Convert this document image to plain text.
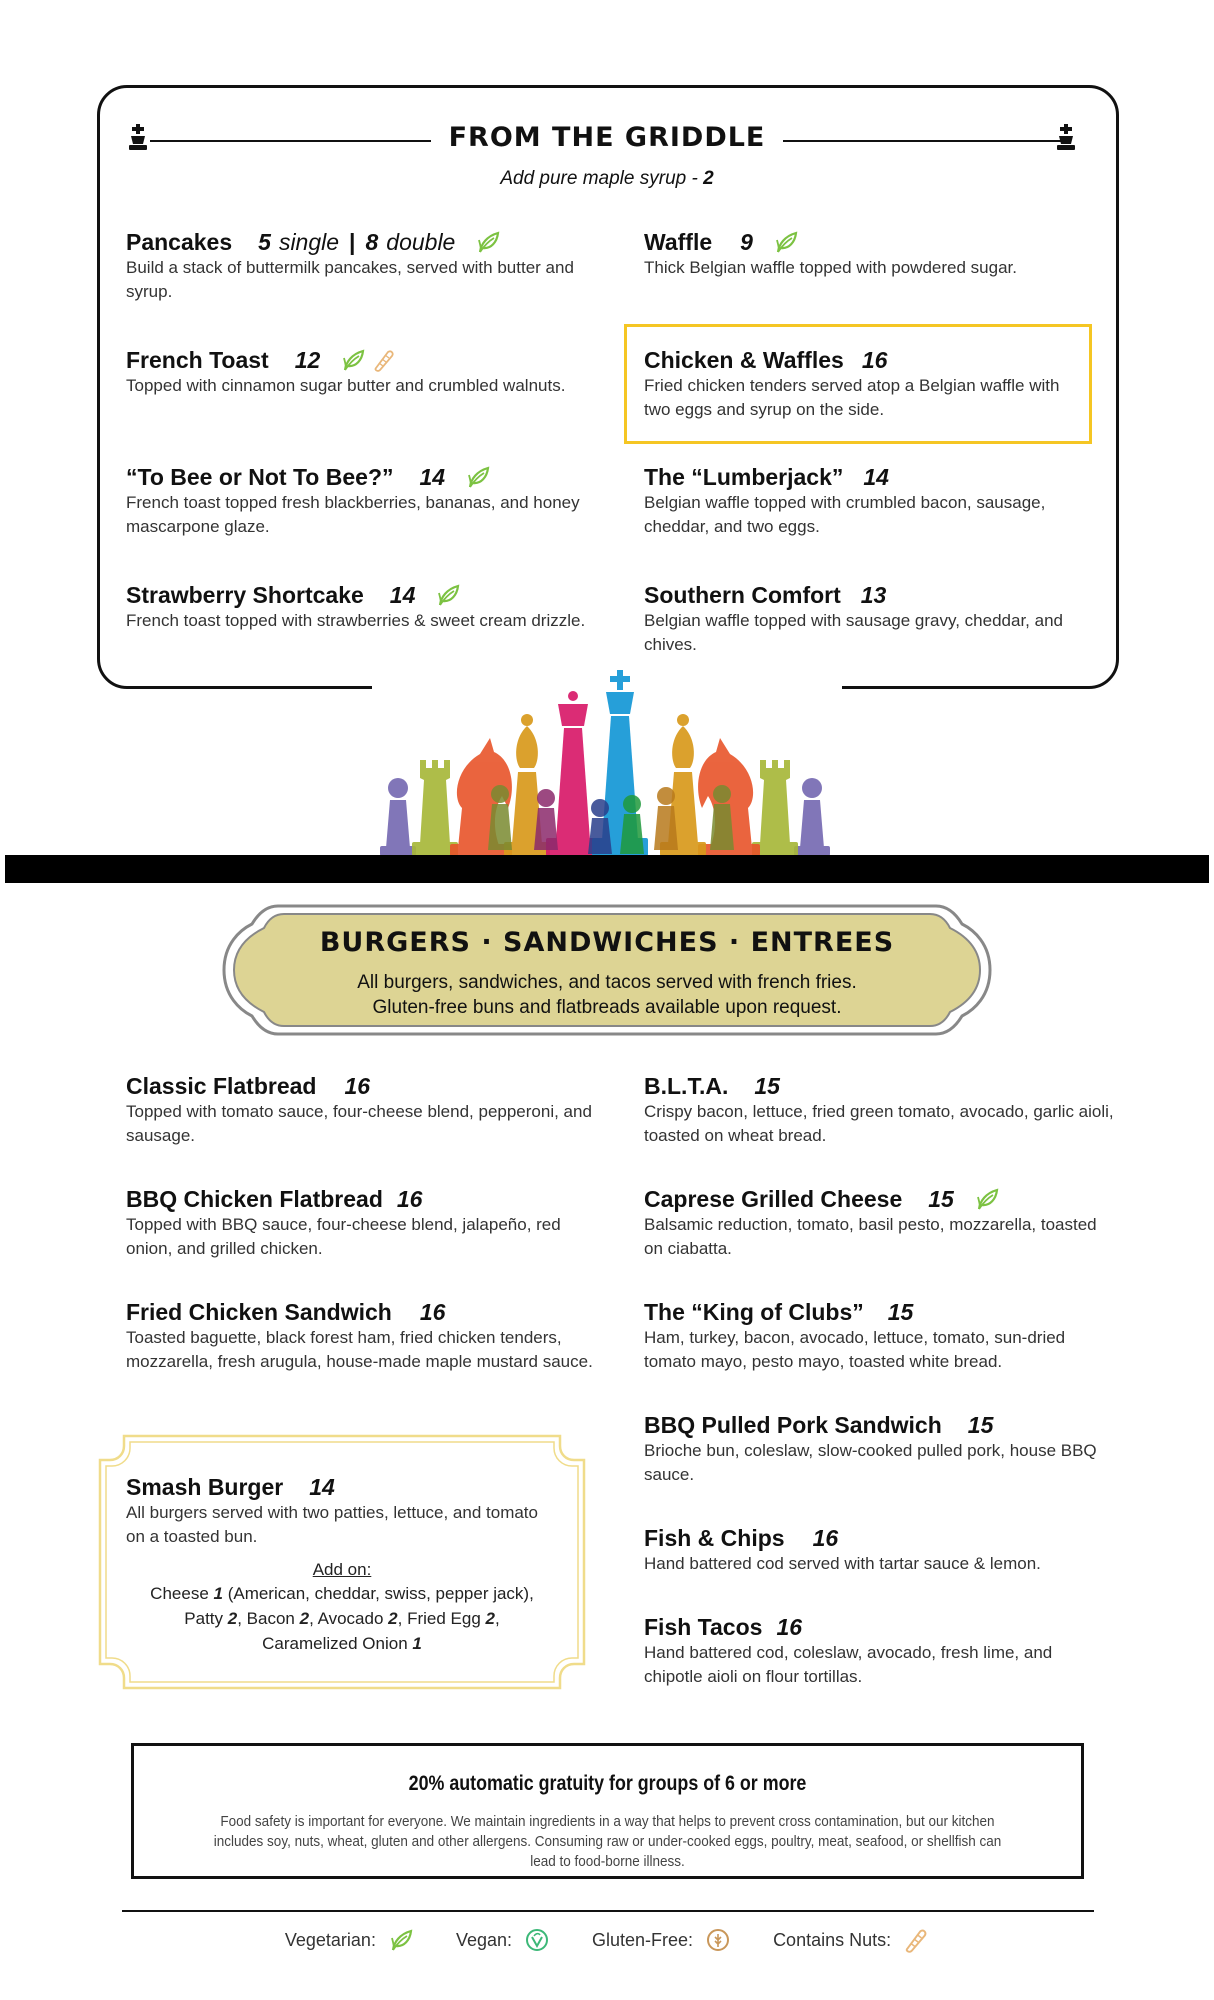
FROM THE GRIDDLE
Add pure maple syrup - 2
Pancakes 5 single | 8 double
Build a stack of buttermilk pancakes, served with butter and syrup.
Waffle 9
Thick Belgian waffle topped with powdered sugar.
French Toast 12
Topped with cinnamon sugar butter and crumbled walnuts.
Chicken & Waffles 16
Fried chicken tenders served atop a Belgian waffle with two eggs and syrup on the side.
“To Bee or Not To Bee?” 14
French toast topped fresh blackberries, bananas, and honey mascarpone glaze.
The “Lumberjack” 14
Belgian waffle topped with crumbled bacon, sausage, cheddar, and two eggs.
Strawberry Shortcake 14
French toast topped with strawberries & sweet cream drizzle.
Southern Comfort 13
Belgian waffle topped with sausage gravy, cheddar, and chives.
BURGERS · SANDWICHES · ENTREES
All burgers, sandwiches, and tacos served with french fries.
Gluten-free buns and flatbreads available upon request.
Classic Flatbread 16
Topped with tomato sauce, four-cheese blend, pepperoni, and sausage.
BBQ Chicken Flatbread 16
Topped with BBQ sauce, four-cheese blend, jalapeño, red onion, and grilled chicken.
Fried Chicken Sandwich 16
Toasted baguette, black forest ham, fried chicken tenders, mozzarella, fresh arugula, house-made maple mustard sauce.
Smash Burger 14
All burgers served with two patties, lettuce, and tomato on a toasted bun.
Add on:
Cheese 1 (American, cheddar, swiss, pepper jack),
Patty 2, Bacon 2, Avocado 2, Fried Egg 2,
Caramelized Onion 1
B.L.T.A. 15
Crispy bacon, lettuce, fried green tomato, avocado, garlic aioli, toasted on wheat bread.
Caprese Grilled Cheese 15
Balsamic reduction, tomato, basil pesto, mozzarella, toasted on ciabatta.
The “King of Clubs” 15
Ham, turkey, bacon, avocado, lettuce, tomato, sun-dried tomato mayo, pesto mayo, toasted white bread.
BBQ Pulled Pork Sandwich 15
Brioche bun, coleslaw, slow-cooked pulled pork, house BBQ sauce.
Fish & Chips 16
Hand battered cod served with tartar sauce & lemon.
Fish Tacos 16
Hand battered cod, coleslaw, avocado, fresh lime, and chipotle aioli on flour tortillas.
20% automatic gratuity for groups of 6 or more
Food safety is important for everyone. We maintain ingredients in a way that helps to prevent cross contamination, but our kitchen includes soy, nuts, wheat, gluten and other allergens. Consuming raw or under-cooked eggs, poultry, meat, seafood, or shellfish can lead to food-borne illness.
Vegetarian:	Vegan:	Gluten-Free:	Contains Nuts:
